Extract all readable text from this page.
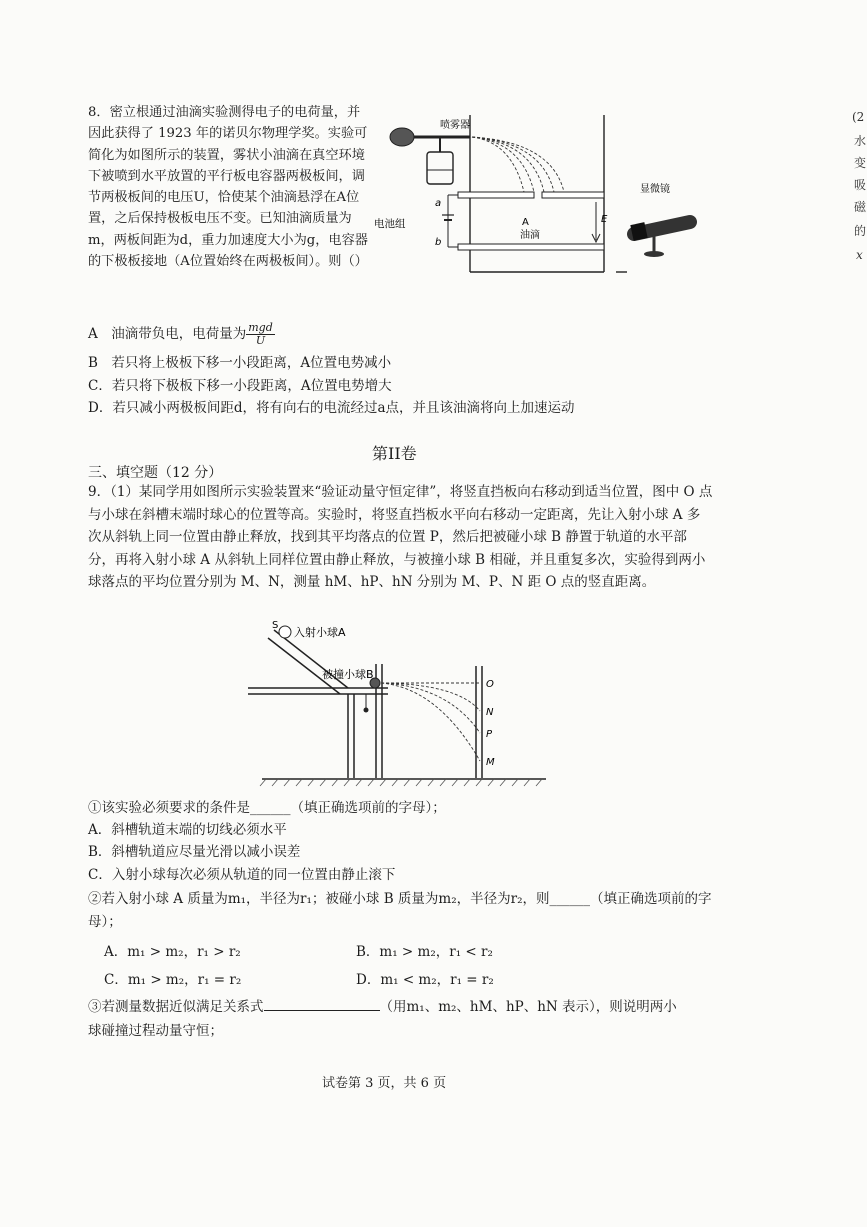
8．密立根通过油滴实验测得电子的电荷量，并因此获得了 1923 年的诺贝尔物理学奖。实验可简化为如图所示的装置，雾状小油滴在真空环境下被喷到水平放置的平行板电容器两极板间，调节两极板间的电压U，恰使某个油滴悬浮在A位置，之后保持极板电压不变。已知油滴质量为m，两板间距为d，重力加速度大小为g，电容器的下极板接地（A位置始终在两极板间）。则（）
喷雾器
电池组
a
b
A
油滴
E
显微镜
A　油滴带负电，电荷量为 $\frac{\text{mgd}}{U}$
B　若只将上极板下移一小段距离，A位置电势减小
C．若只将下极板下移一小段距离，A位置电势增大
D．若只减小两极板间距d，将有向右的电流经过a点，并且该油滴将向上加速运动
第II卷
三、填空题（12 分）
9．（1）某同学用如图所示实验装置来“验证动量守恒定律”，将竖直挡板向右移动到适当位置，图中 O 点与小球在斜槽末端时球心的位置等高。实验时，将竖直挡板水平向右移动一定距离，先让入射小球 A 多次从斜轨上同一位置由静止释放，找到其平均落点的位置 P，然后把被碰小球 B 静置于轨道的水平部分，再将入射小球 A 从斜轨上同样位置由静止释放，与被撞小球 B 相碰，并且重复多次，实验得到两小球落点的平均位置分别为 M、N，测量 hM、hP、hN 分别为 M、P、N 距 O 点的竖直距离。
S
入射小球A
被撞小球B
O
N
P
M
①该实验必须要求的条件是______（填正确选项前的字母）；
A．斜槽轨道末端的切线必须水平
B．斜槽轨道应尽量光滑以减小误差
C．入射小球每次必须从轨道的同一位置由静止滚下
②若入射小球 A 质量为m₁，半径为r₁；被碰小球 B 质量为m₂，半径为r₂，则______（填正确选项前的字母）；
A．m₁ > m₂，r₁ > r₂	B．m₁ > m₂，r₁ < r₂
C．m₁ > m₂，r₁ = r₂	D．m₁ < m₂，r₁ = r₂
③若测量数据近似满足关系式	（用m₁、m₂、hM、hP、hN 表示），则说明两小
球碰撞过程动量守恒；
试卷第 3 页，共 6 页
(2
水
变
吸
磁
的
x
